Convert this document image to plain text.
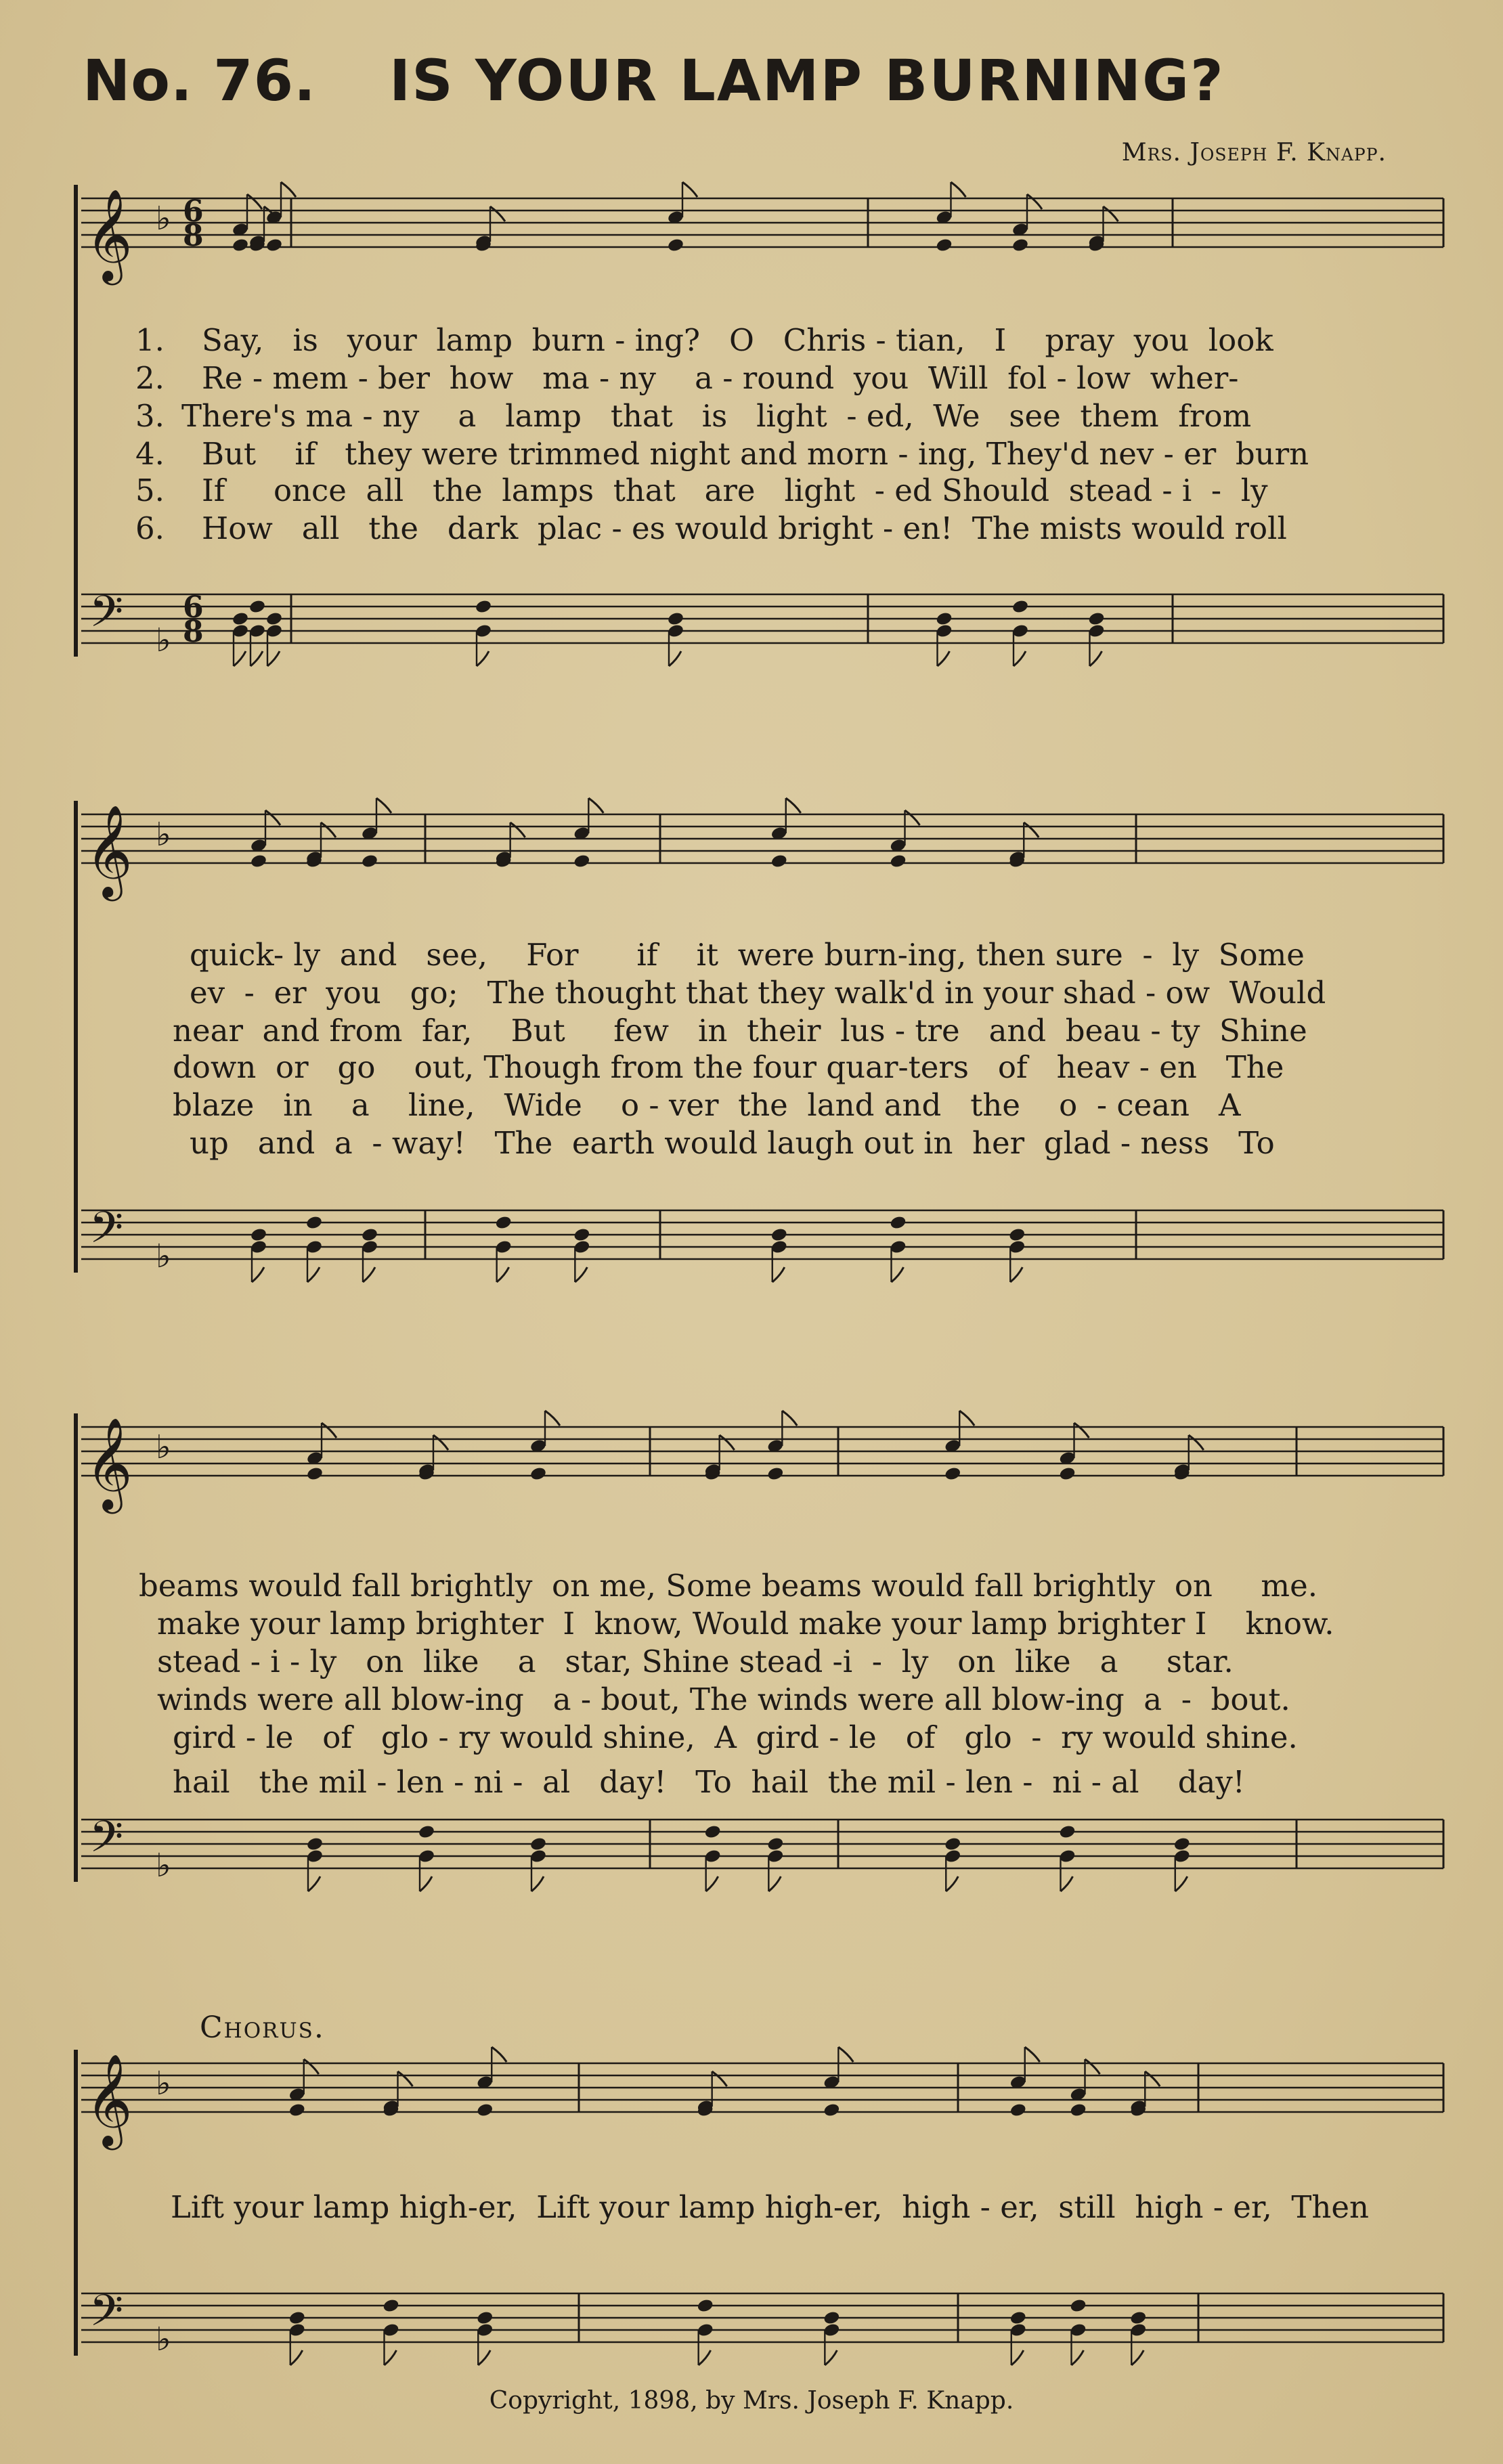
No. 76. IS YOUR LAMP BURNING?
Mrs. Joseph F. Knapp.
𝄞
𝄢
♭
♭
6
8
6
8
𝄞
𝄢
♭
♭
𝄞
𝄢
♭
♭
𝄞
𝄢
♭
♭
1. Say,   is   your  lamp  burn - ing?   O   Chris - tian,   I    pray  you  look
2. Re - mem - ber  how   ma - ny    a - round  you  Will  fol - low  wher-
3. There's ma - ny    a   lamp   that   is   light  - ed,  We   see  them  from
4. But    if   they were trimmed night and morn - ing, They'd nev - er  burn
5. If     once  all   the  lamps  that   are   light  - ed Should  stead - i  -  ly
6. How   all   the   dark  plac - es would bright - en!  The mists would roll
quick- ly  and   see,    For      if    it  were burn-ing, then sure  -  ly  Some
ev  -  er  you   go;   The thought that they walk'd in your shad - ow  Would
near  and from  far,    But     few   in  their  lus - tre   and  beau - ty  Shine
down  or   go    out, Though from the four quar-ters   of   heav - en   The
blaze   in    a    line,   Wide    o - ver  the  land and   the    o  - cean   A
up   and  a  - way!   The  earth would laugh out in  her  glad - ness   To
beams would fall brightly  on me, Some beams would fall brightly  on     me.
make your lamp brighter  I  know, Would make your lamp brighter I    know.
stead - i - ly   on  like    a   star, Shine stead -i  -  ly   on  like   a     star.
winds were all blow-ing   a - bout, The winds were all blow-ing  a  -  bout.
gird - le   of   glo - ry would shine,  A  gird - le   of   glo  -  ry would shine.
hail   the mil - len - ni -  al   day!   To  hail  the mil - len -  ni - al    day!
Chorus.
Lift your lamp high-er,  Lift your lamp high-er,  high - er,  still  high - er,  Then
Copyright, 1898, by Mrs. Joseph F. Knapp.
